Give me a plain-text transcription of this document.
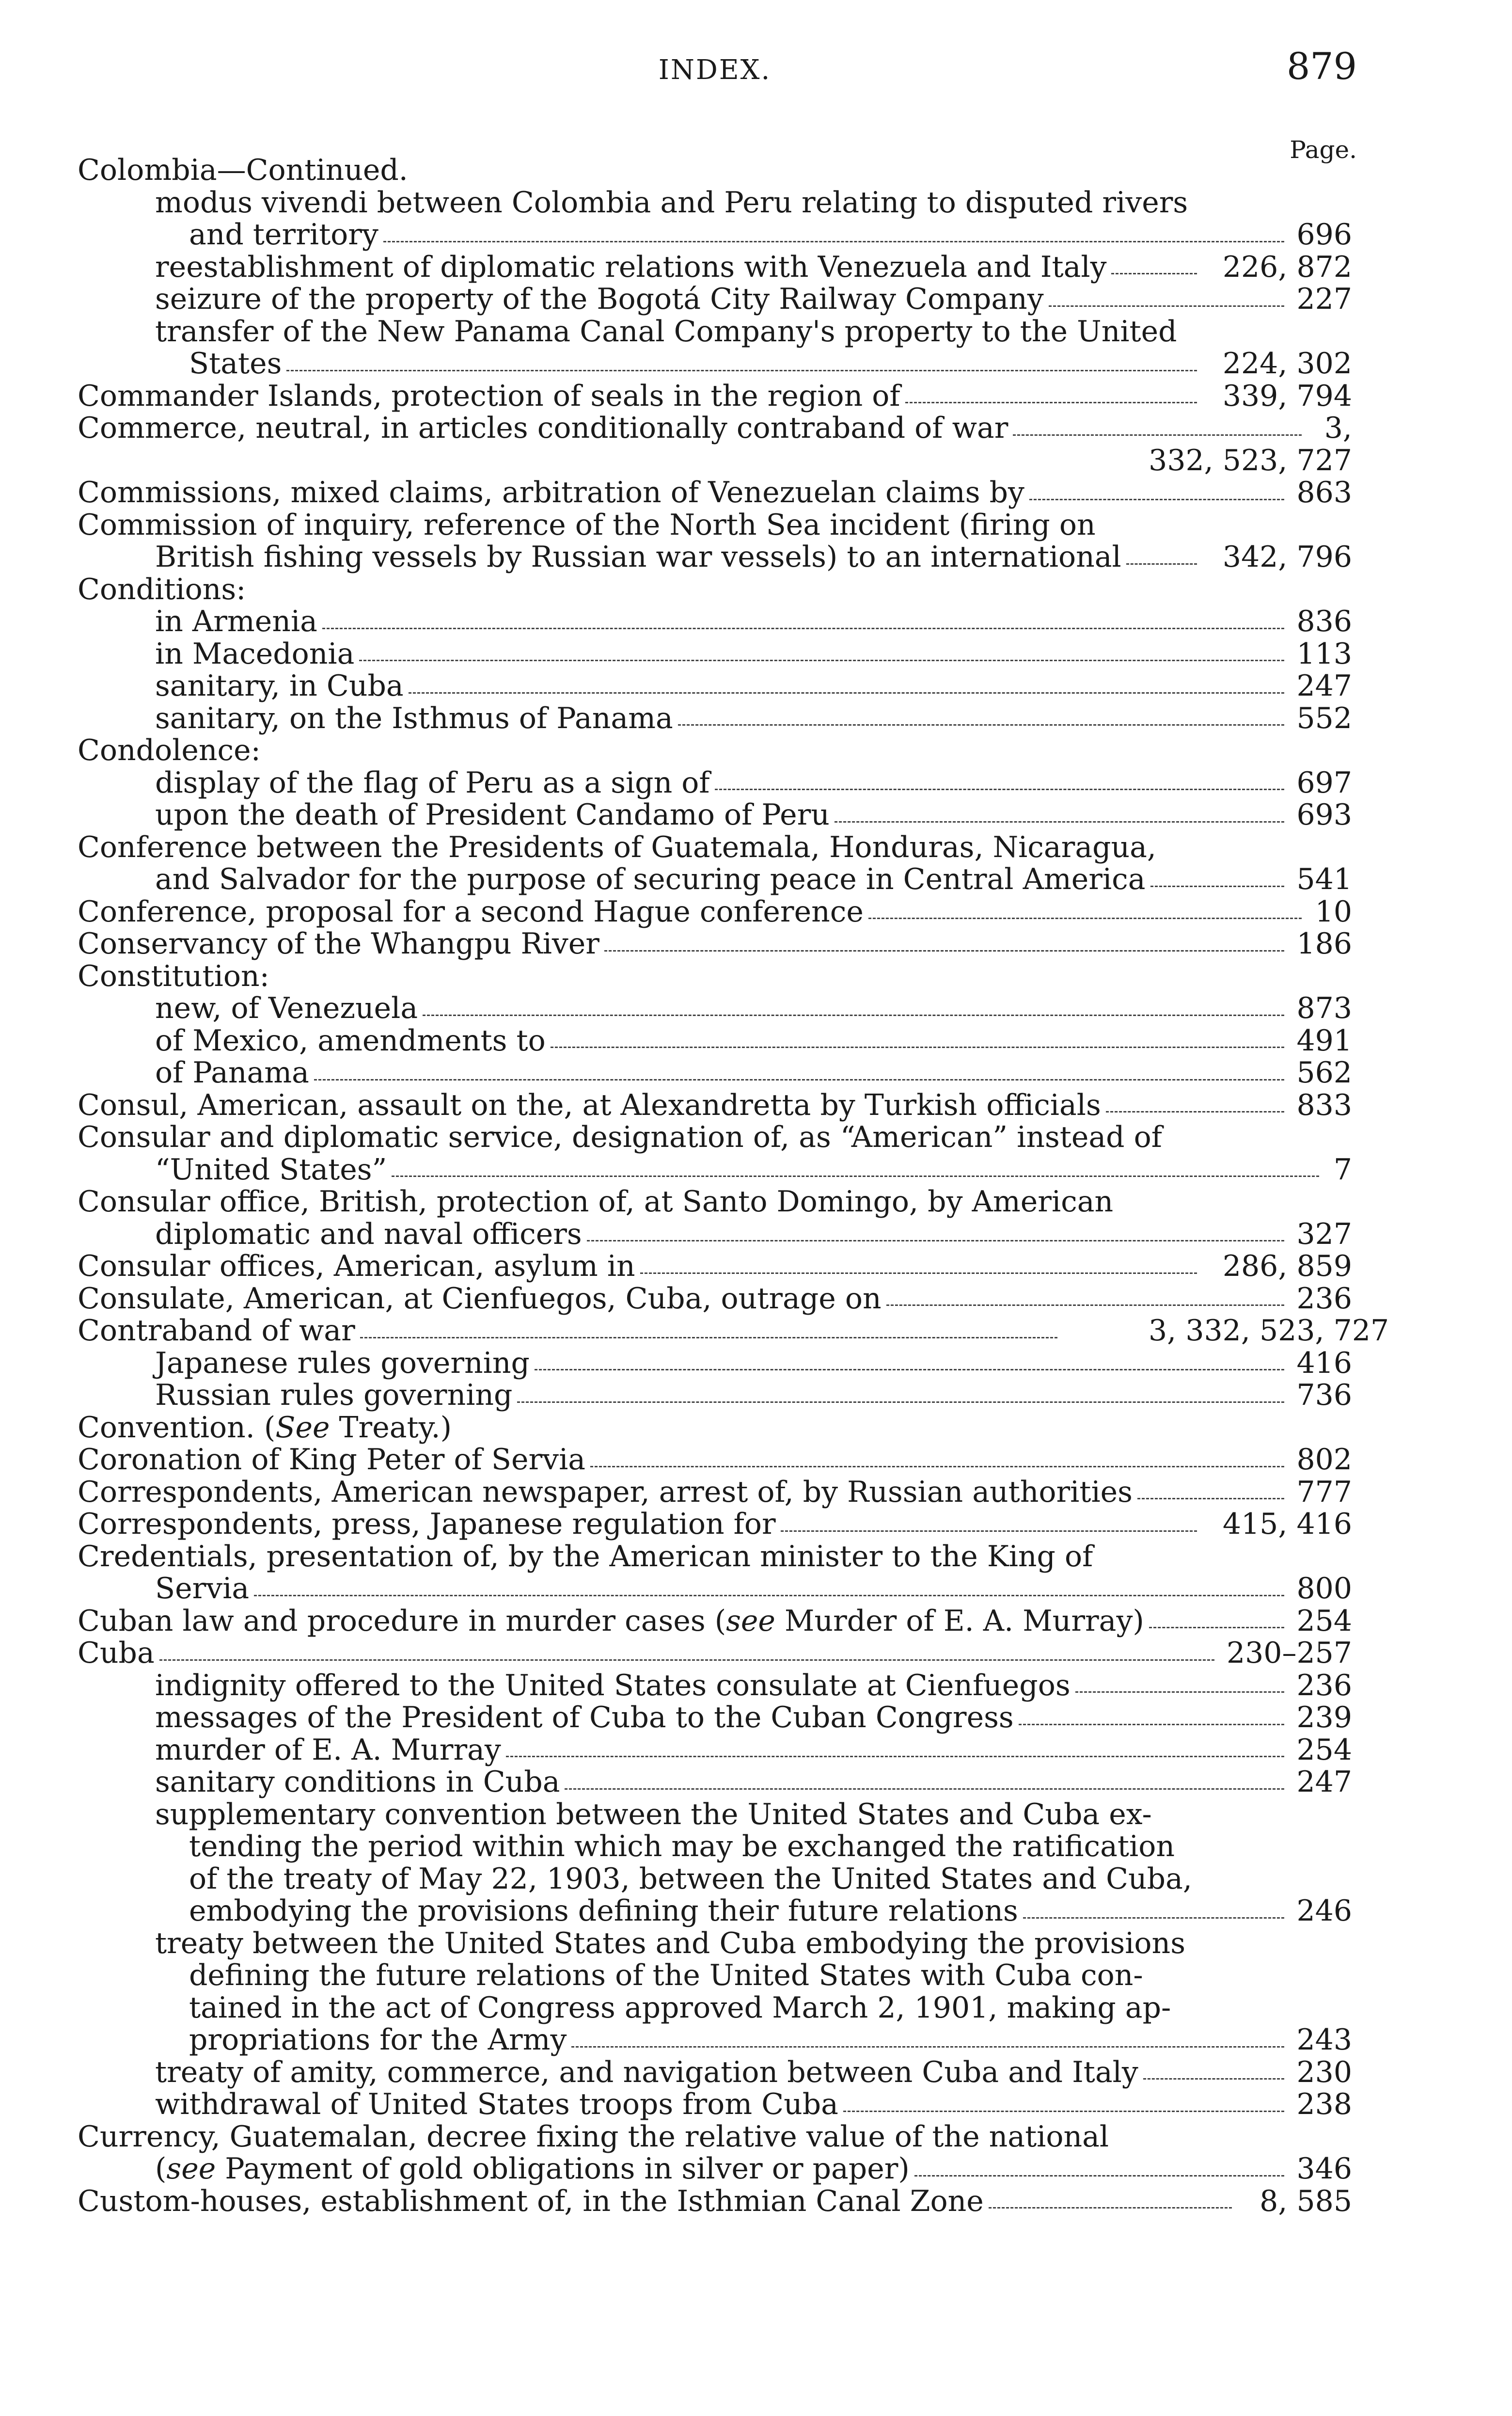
INDEX.	879
Page.
Colombia—Continued.
modus vivendi between Colombia and Peru relating to disputed rivers
and territory	696
reestablishment of diplomatic relations with Venezuela and Italy	226, 872
seizure of the property of the Bogotá City Railway Company	227
transfer of the New Panama Canal Company's property to the United
States	224, 302
Commander Islands, protection of seals in the region of	339, 794
Commerce, neutral, in articles conditionally contraband of war	3,
332, 523, 727
Commissions, mixed claims, arbitration of Venezuelan claims by	863
Commission of inquiry, reference of the North Sea incident (firing on
British fishing vessels by Russian war vessels) to an international	342, 796
Conditions:
in Armenia	836
in Macedonia	113
sanitary, in Cuba	247
sanitary, on the Isthmus of Panama	552
Condolence:
display of the flag of Peru as a sign of	697
upon the death of President Candamo of Peru	693
Conference between the Presidents of Guatemala, Honduras, Nicaragua,
and Salvador for the purpose of securing peace in Central America	541
Conference, proposal for a second Hague conference	10
Conservancy of the Whangpu River	186
Constitution:
new, of Venezuela	873
of Mexico, amendments to	491
of Panama	562
Consul, American, assault on the, at Alexandretta by Turkish officials	833
Consular and diplomatic service, designation of, as “American” instead of
“United States”	7
Consular office, British, protection of, at Santo Domingo, by American
diplomatic and naval officers	327
Consular offices, American, asylum in	286, 859
Consulate, American, at Cienfuegos, Cuba, outrage on	236
Contraband of war	3, 332, 523, 727
Japanese rules governing	416
Russian rules governing	736
Convention. (See Treaty.)
Coronation of King Peter of Servia	802
Correspondents, American newspaper, arrest of, by Russian authorities	777
Correspondents, press, Japanese regulation for	415, 416
Credentials, presentation of, by the American minister to the King of
Servia	800
Cuban law and procedure in murder cases (see Murder of E. A. Murray)	254
Cuba	230–257
indignity offered to the United States consulate at Cienfuegos	236
messages of the President of Cuba to the Cuban Congress	239
murder of E. A. Murray	254
sanitary conditions in Cuba	247
supplementary convention between the United States and Cuba ex-
tending the period within which may be exchanged the ratification
of the treaty of May 22, 1903, between the United States and Cuba,
embodying the provisions defining their future relations	246
treaty between the United States and Cuba embodying the provisions
defining the future relations of the United States with Cuba con-
tained in the act of Congress approved March 2, 1901, making ap-
propriations for the Army	243
treaty of amity, commerce, and navigation between Cuba and Italy	230
withdrawal of United States troops from Cuba	238
Currency, Guatemalan, decree fixing the relative value of the national
(see Payment of gold obligations in silver or paper)	346
Custom-houses, establishment of, in the Isthmian Canal Zone	8, 585
